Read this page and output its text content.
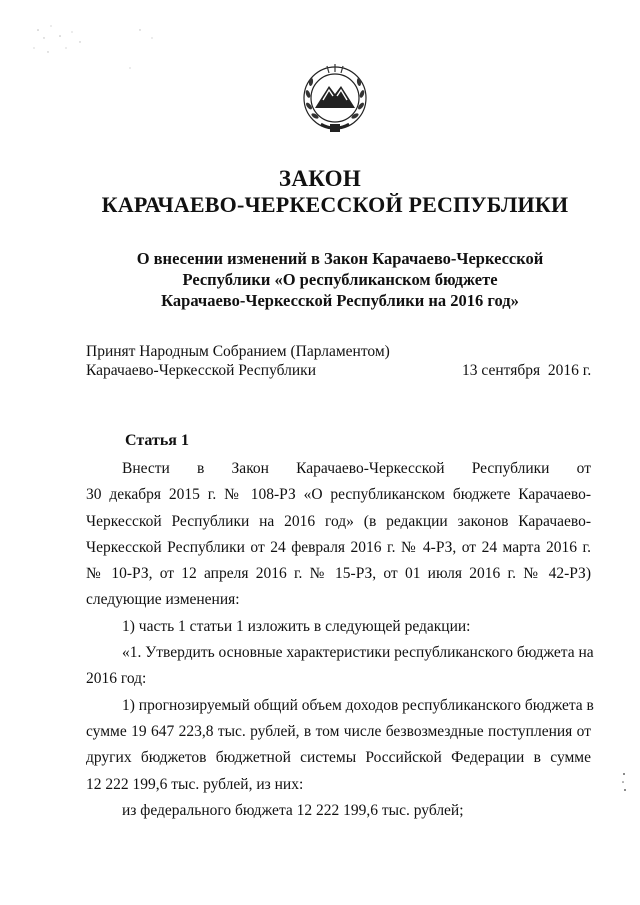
ЗАКОН
КАРАЧАЕВО-ЧЕРКЕССКОЙ РЕСПУБЛИКИ
О внесении изменений в Закон Карачаево-Черкесской
Республики «О республиканском бюджете
Карачаево-Черкесской Республики на 2016 год»
Принят Народным Собранием (Парламентом)
Карачаево-Черкесской Республики	13 сентября  2016 г.
Статья 1
Внести в Закон Карачаево-Черкесской Республики от
30 декабря 2015 г. № 108-РЗ «О республиканском бюджете Карачаево-
Черкесской Республики на 2016 год» (в редакции законов Карачаево-
Черкесской Республики от 24 февраля 2016 г. № 4-РЗ, от 24 марта 2016 г.
№ 10-РЗ, от 12 апреля 2016 г. № 15-РЗ, от 01 июля 2016 г. № 42-РЗ)
следующие изменения:
1) часть 1 статьи 1 изложить в следующей редакции:
«1. Утвердить основные характеристики республиканского бюджета на
2016 год:
1) прогнозируемый общий объем доходов республиканского бюджета в
сумме 19 647 223,8 тыс. рублей, в том числе безвозмездные поступления от
других бюджетов бюджетной системы Российской Федерации в сумме
12 222 199,6 тыс. рублей, из них:
из федерального бюджета 12 222 199,6 тыс. рублей;
